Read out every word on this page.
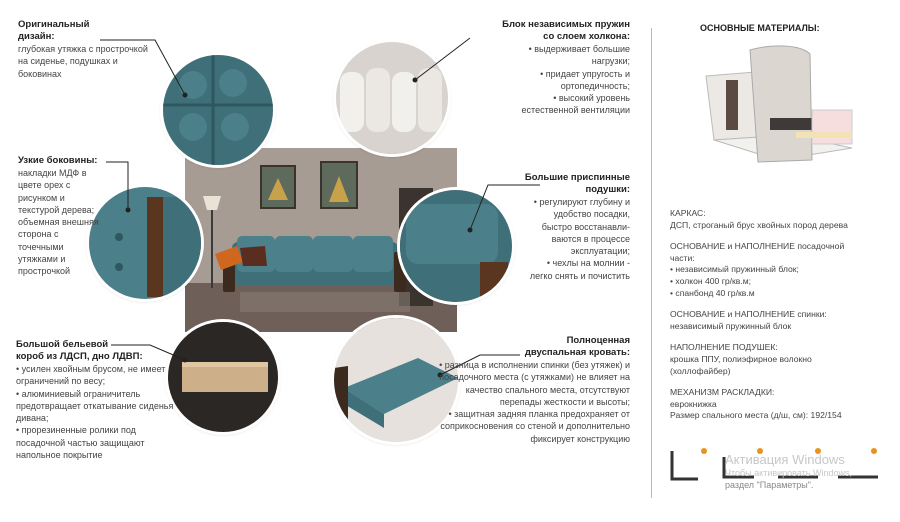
Оригинальный
дизайн:
глубокая утяжка с прострочкой на сиденье, подушках и боковинах
Узкие боковины:
накладки МДФ в цвете орех с рисунком и текстурой дерева; объемная внешняя сторона с точечными утяжками и прострочкой
Большой бельевой
короб из ЛДСП, дно ЛДВП:
• усилен хвойным брусом, не имеет ограничений по весу;
• алюминиевый ограничитель предотвращает откатывание сиденья дивана;
• прорезиненные ролики под посадочной частью защищают напольное покрытие
Блок независимых пружин
со слоем холкона:
• выдерживает большие нагрузки;
• придает упругость и ортопедичность;
• высокий уровень естественной вентиляции
Большие приспинные
подушки:
• регулируют глубину и удобство посадки, быстро восстанавли-ваются в процессе эксплуатации;
• чехлы на молнии - легко снять и почистить
Полноценная
двуспальная кровать:
• разница в исполнении спинки (без утяжек) и посадочного места (с утяжками) не влияет на качество спального места, отсутствуют перепады жесткости и высоты;
• защитная задняя планка предохраняет от соприкосновения со стеной и дополнительно фиксирует конструкцию
ОСНОВНЫЕ МАТЕРИАЛЫ:

КАРКАС:

ДСП, строганый брус хвойных пород дерева

ОСНОВАНИЕ и НАПОЛНЕНИЕ посадочной части:

• независимый пружинный блок;

• холкон 400 гр/кв.м;

• спанбонд 40 гр/кв.м

ОСНОВАНИЕ и НАПОЛНЕНИЕ спинки:

независимый пружинный блок

НАПОЛНЕНИЕ ПОДУШЕК:

крошка ППУ, полиэфирное волокно (холлофайбер)

МЕХАНИЗМ РАСКЛАДКИ:

еврокнижка

Размер спального места (д/ш, см): 192/154

Активация Windows
Чтобы активировать Windows,
раздел "Параметры".
